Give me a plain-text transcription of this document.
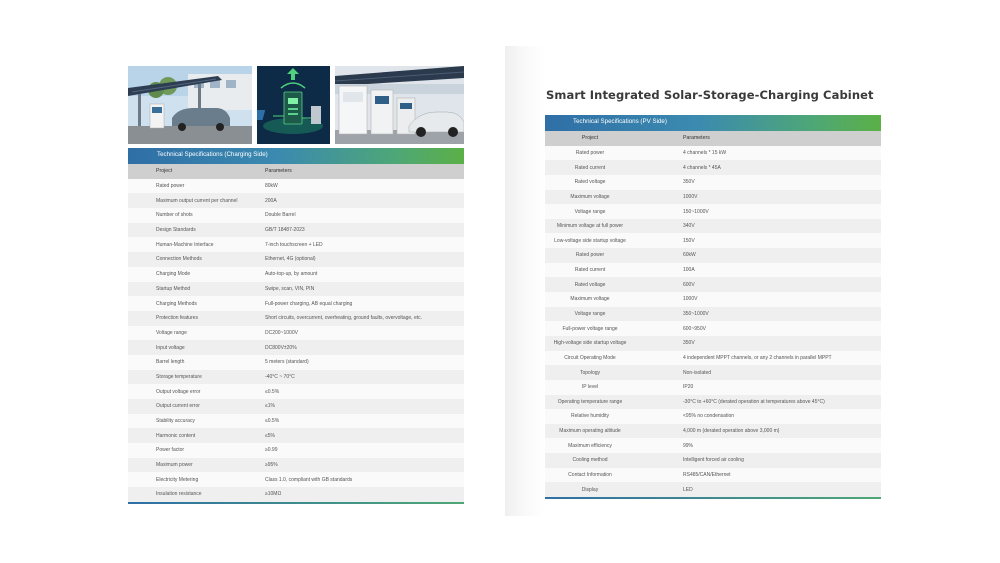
Technical Specifications (Charging Side)
Project	Parameters
Rated power	80kW
Maximum output current per channel	200A
Number of shots	Double Barrel
Design Standards	GB/T 18487-2023
Human-Machine Interface	7-inch touchscreen + LED
Connection Methods	Ethernet, 4G (optional)
Charging Mode	Auto-top-up, by amount
Startup Method	Swipe, scan, VIN, PIN
Charging Methods	Full-power charging, AB equal charging
Protection features	Short circuits, overcurrent, overheating, ground faults, overvoltage, etc.
Voltage range	DC200~1000V
Input voltage	DC800V±20%
Barrel length	5 meters (standard)
Storage temperature	-40°C ~ 70°C
Output voltage error	≤0.5%
Output current error	≤1%
Stability accuracy	≤0.5%
Harmonic content	≤5%
Power factor	≥0.99
Maximum power	≥95%
Electricity Metering	Class 1.0, compliant with GB standards
Insulation resistance	≥10MΩ
Smart Integrated Solar-Storage-Charging Cabinet
Technical Specifications (PV Side)
Project	Parameters
Rated power	4 channels * 15 kW
Rated current	4 channels * 45A
Rated voltage	350V
Maximum voltage	1000V
Voltage range	150~1000V
Minimum voltage at full power	340V
Low-voltage side startup voltage	150V
Rated power	60kW
Rated current	100A
Rated voltage	600V
Maximum voltage	1000V
Voltage range	350~1000V
Full-power voltage range	600~950V
High-voltage side startup voltage	350V
Circuit Operating Mode	4 independent MPPT channels, or any 2 channels in parallel MPPT
Topology	Non-isolated
IP level	IP20
Operating temperature range	-30°C to +60°C (derated operation at temperatures above 45°C)
Relative humidity	<95% no condensation
Maximum operating altitude	4,000 m (derated operation above 3,000 m)
Maximum efficiency	99%
Cooling method	Intelligent forced air cooling
Contact Information	RS485/CAN/Ethernet
Display	LED
